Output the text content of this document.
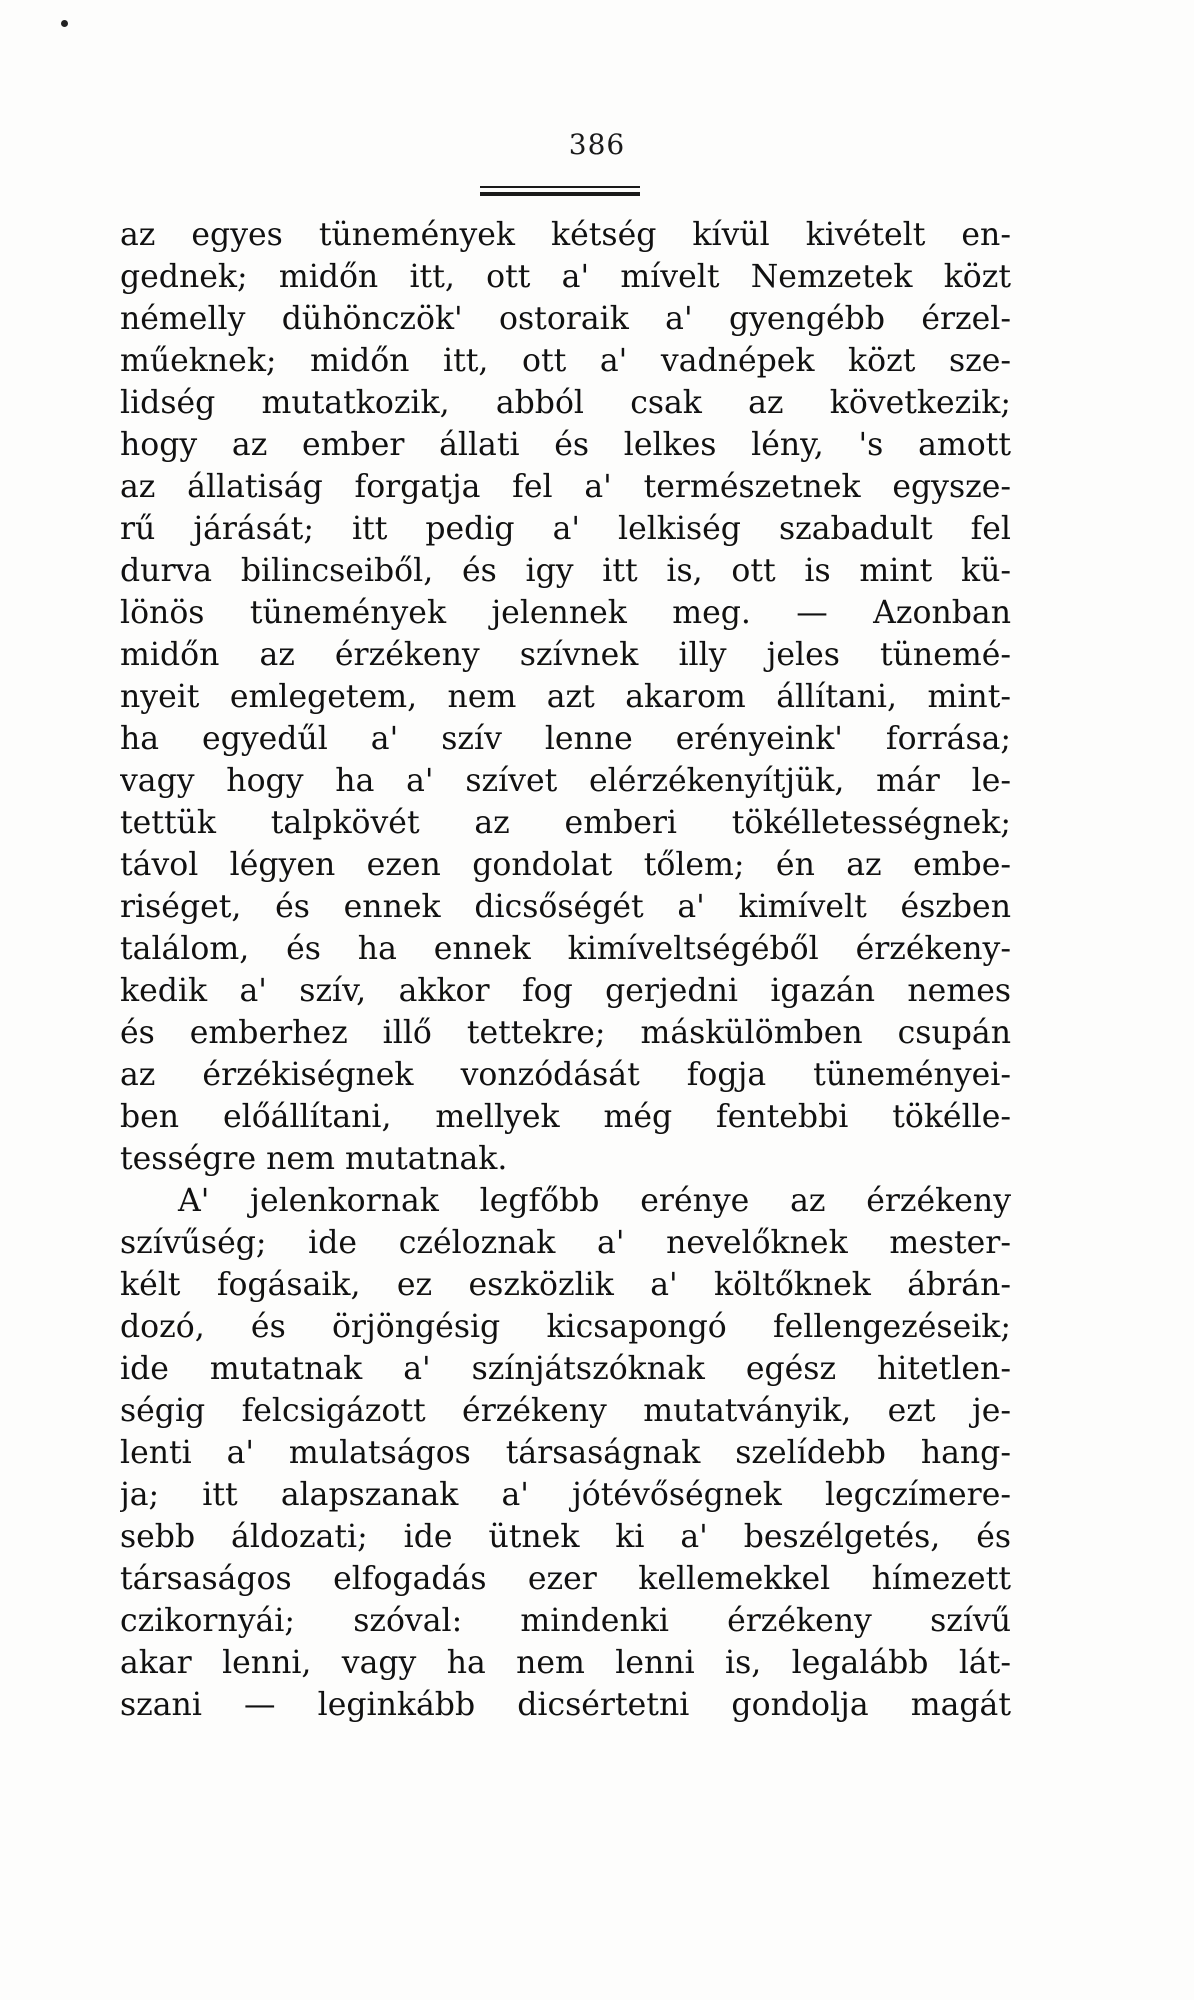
386
az egyes tünemények kétség kívül kivételt en-
gednek; midőn itt, ott a' mívelt Nemzetek közt
némelly dühönczök' ostoraik a' gyengébb érzel-
műeknek; midőn itt, ott a' vadnépek közt sze-
lidség mutatkozik, abból csak az következik;
hogy az ember állati és lelkes lény, 's amott
az állatiság forgatja fel a' természetnek egysze-
rű járását; itt pedig a' lelkiség szabadult fel
durva bilincseiből, és igy itt is, ott is mint kü-
lönös tünemények jelennek meg. — Azonban
midőn az érzékeny szívnek illy jeles tünemé-
nyeit emlegetem, nem azt akarom állítani, mint-
ha egyedűl a' szív lenne erényeink' forrása;
vagy hogy ha a' szívet elérzékenyítjük, már le-
tettük talpkövét az emberi tökélletességnek;
távol légyen ezen gondolat tőlem; én az embe-
riséget, és ennek dicsőségét a' kimívelt észben
találom, és ha ennek kimíveltségéből érzékeny-
kedik a' szív, akkor fog gerjedni igazán nemes
és emberhez illő tettekre; máskülömben csupán
az érzékiségnek vonzódását fogja tüneményei-
ben előállítani, mellyek még fentebbi tökélle-
tességre nem mutatnak.
A' jelenkornak legfőbb erénye az érzékeny
szívűség; ide czéloznak a' nevelőknek mester-
kélt fogásaik, ez eszközlik a' költőknek ábrán-
dozó, és örjöngésig kicsapongó fellengezéseik;
ide mutatnak a' színjátszóknak egész hitetlen-
ségig felcsigázott érzékeny mutatványik, ezt je-
lenti a' mulatságos társaságnak szelídebb hang-
ja; itt alapszanak a' jótévőségnek legczímere-
sebb áldozati; ide ütnek ki a' beszélgetés, és
társaságos elfogadás ezer kellemekkel hímezett
czikornyái; szóval: mindenki érzékeny szívű
akar lenni, vagy ha nem lenni is, legalább lát-
szani — leginkább dicsértetni gondolja magát
